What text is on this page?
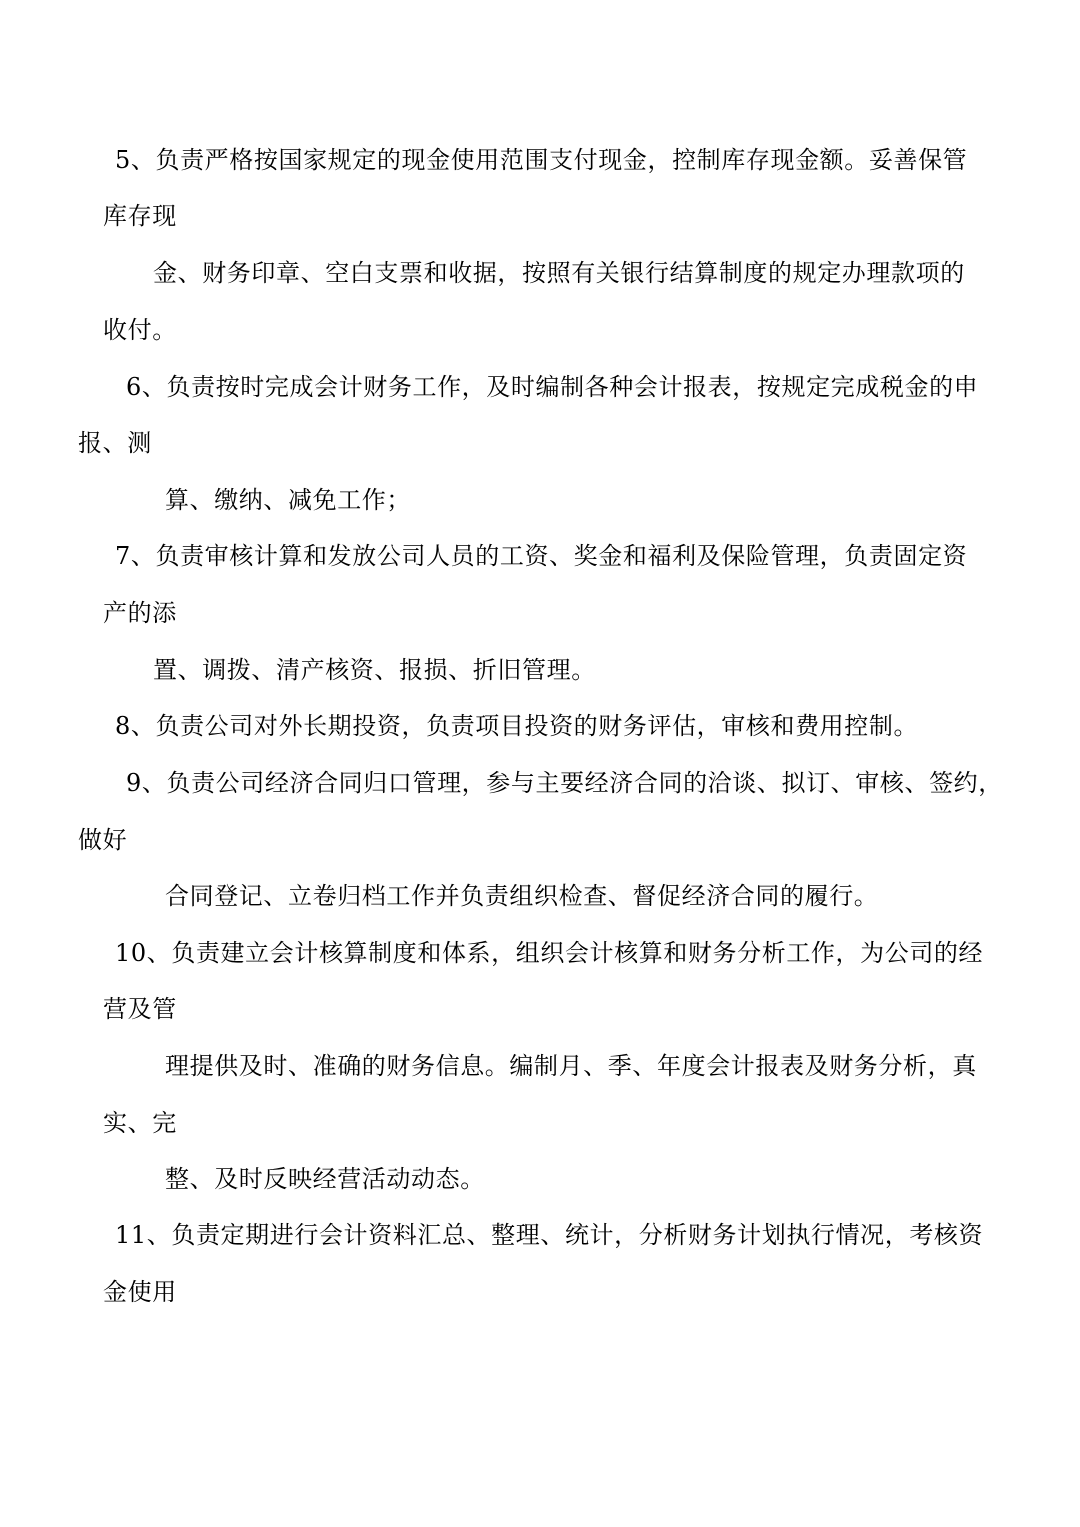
5、负责严格按国家规定的现金使用范围支付现金，控制库存现金额。妥善保管
库存现
金、财务印章、空白支票和收据，按照有关银行结算制度的规定办理款项的
收付。
6、负责按时完成会计财务工作，及时编制各种会计报表，按规定完成税金的申
报、测
算、缴纳、减免工作；
7、负责审核计算和发放公司人员的工资、奖金和福利及保险管理，负责固定资
产的添
置、调拨、清产核资、报损、折旧管理。
8、负责公司对外长期投资，负责项目投资的财务评估，审核和费用控制。
9、负责公司经济合同归口管理，参与主要经济合同的洽谈、拟订、审核、签约，
做好
合同登记、立卷归档工作并负责组织检查、督促经济合同的履行。
10、负责建立会计核算制度和体系，组织会计核算和财务分析工作，为公司的经
营及管
理提供及时、准确的财务信息。编制月、季、年度会计报表及财务分析，真
实、完
整、及时反映经营活动动态。
11、负责定期进行会计资料汇总、整理、统计，分析财务计划执行情况，考核资
金使用
